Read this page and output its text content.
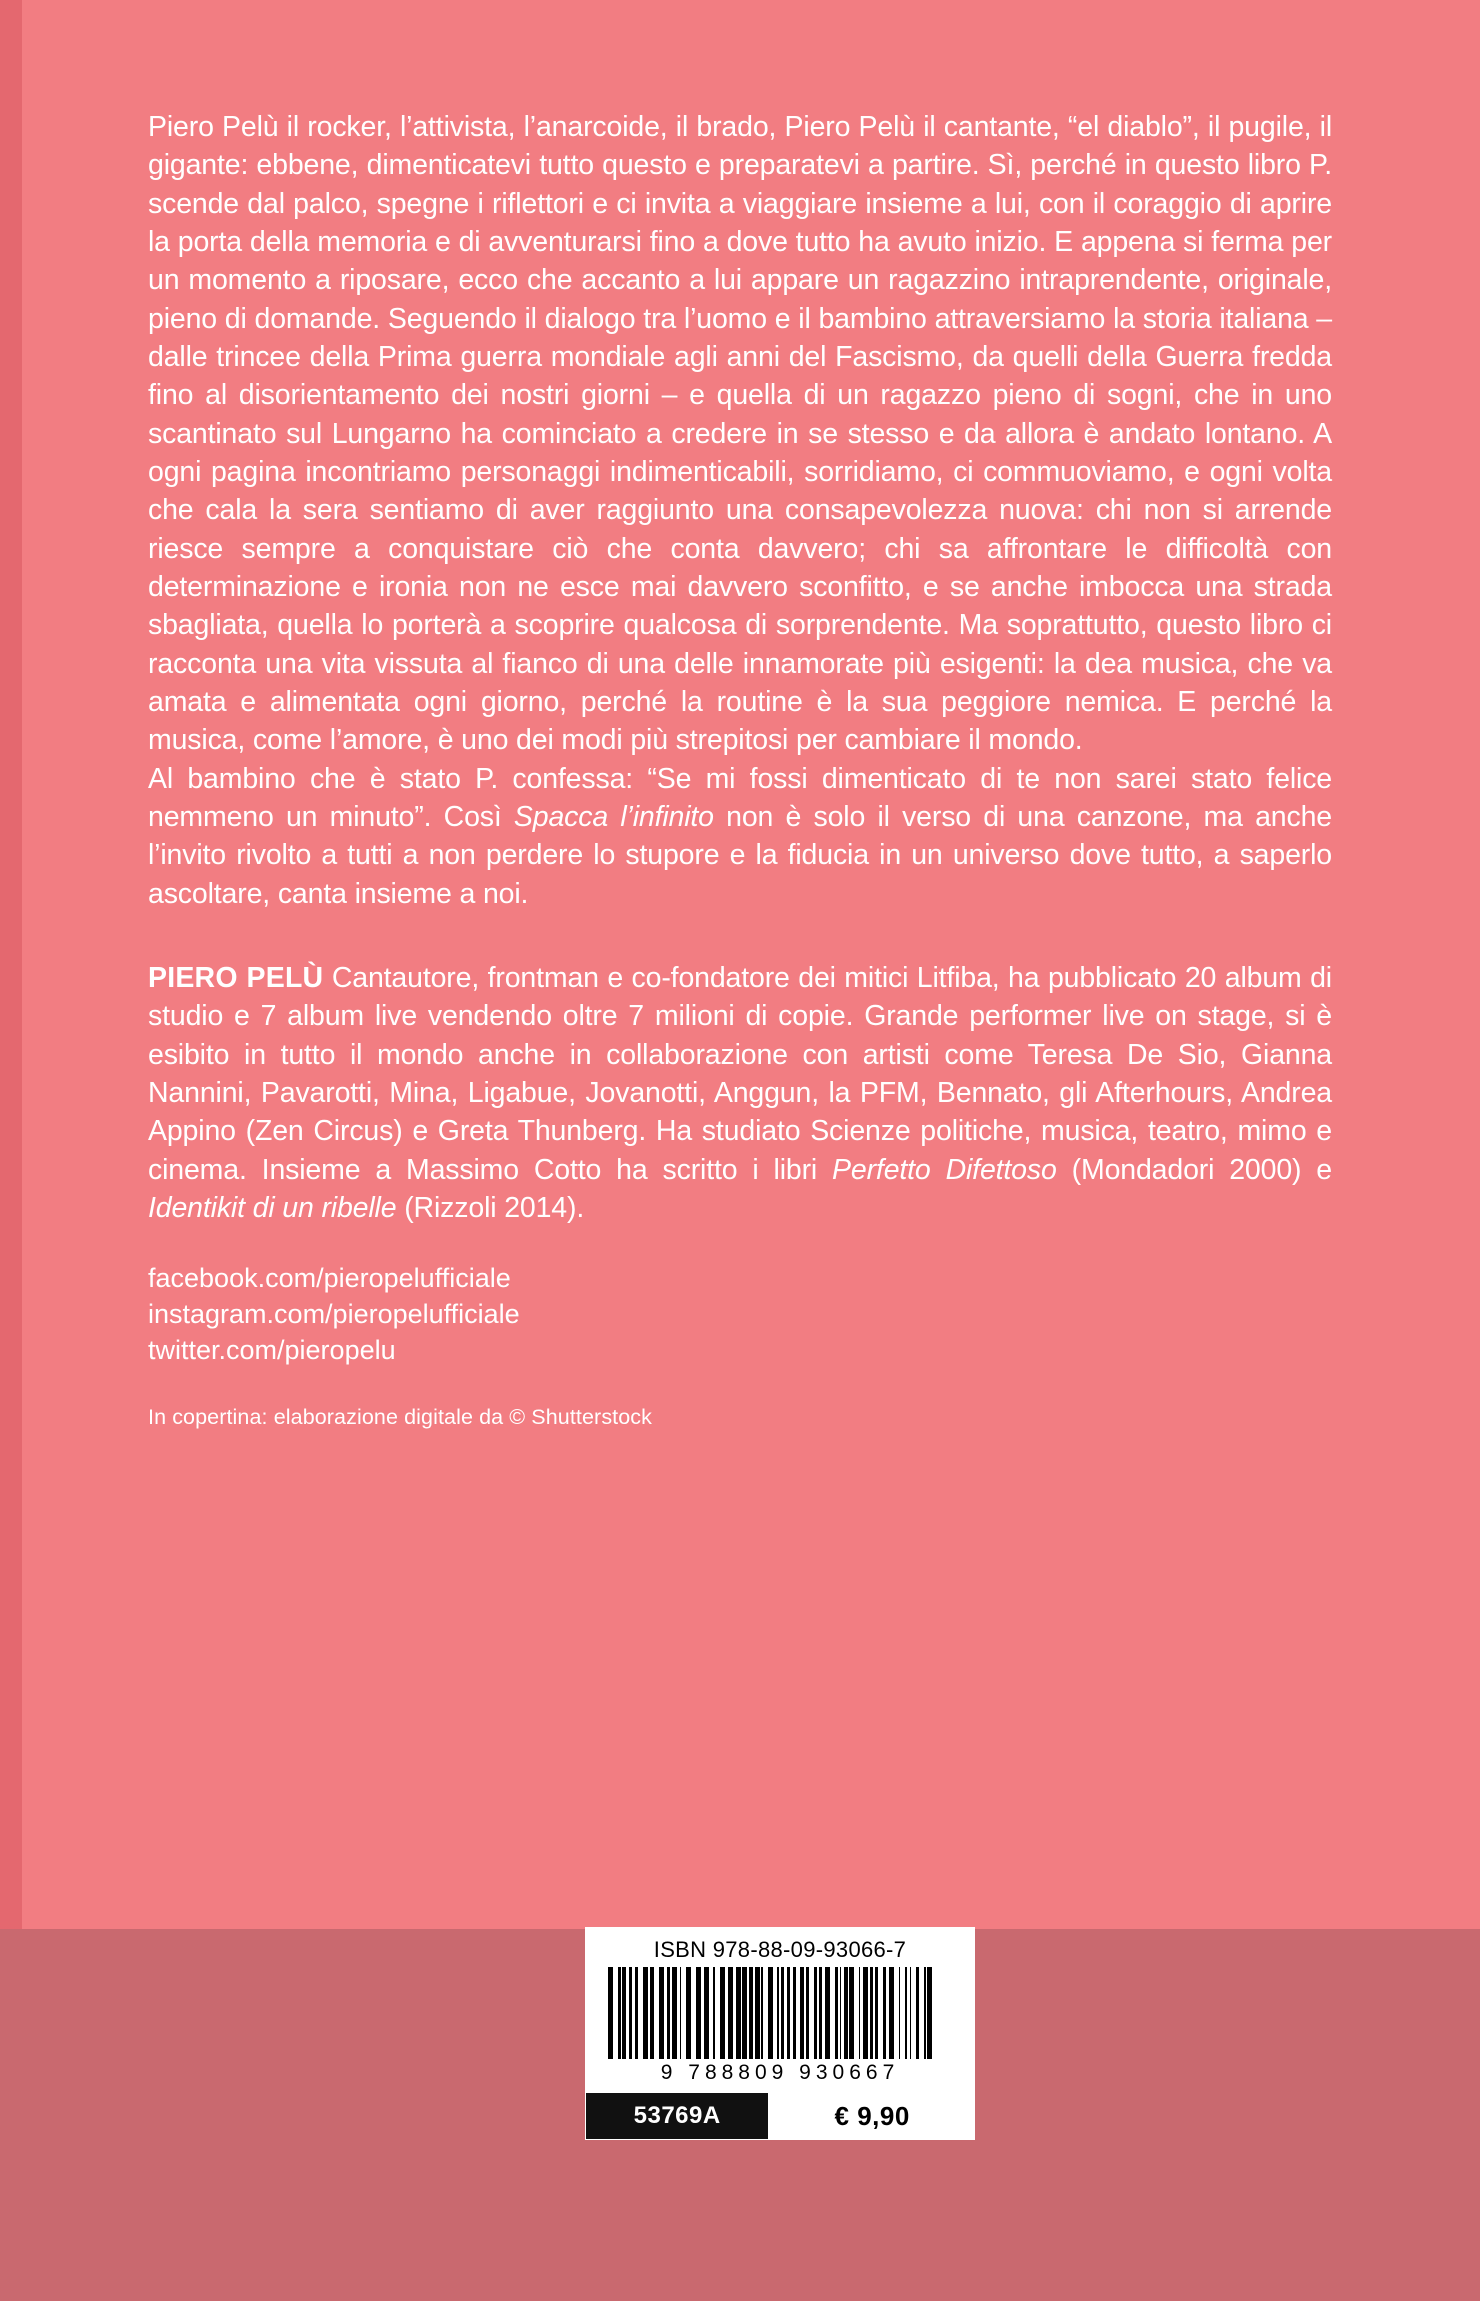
Piero Pelù il rocker, l’attivista, l’anarcoide, il brado, Piero Pelù il cantante, “el diablo”, il pugile, il gigante: ebbene, dimenticatevi tutto questo e preparatevi a partire. Sì, perché in questo libro P. scende dal palco, spegne i riflettori e ci invita a viaggiare insieme a lui, con il coraggio di aprire la porta della memoria e di avventurarsi fino a dove tutto ha avuto inizio. E appena si ferma per un momento a riposare, ecco che accanto a lui appare un ragazzino intraprendente, originale, pieno di domande. Seguendo il dialogo tra l’uomo e il bambino attraversiamo la storia italiana – dalle trincee della Prima guerra mondiale agli anni del Fascismo, da quelli della Guerra fredda fino al disorientamento dei nostri giorni – e quella di un ragazzo pieno di sogni, che in uno scantinato sul Lungarno ha cominciato a credere in se stesso e da allora è andato lontano. A ogni pagina incontriamo personaggi indimenticabili, sorridiamo, ci commuoviamo, e ogni volta che cala la sera sentiamo di aver raggiunto una consapevolezza nuova: chi non si arrende riesce sempre a conquistare ciò che conta davvero; chi sa affrontare le difficoltà con determinazione e ironia non ne esce mai davvero sconfitto, e se anche imbocca una strada sbagliata, quella lo porterà a scoprire qualcosa di sorprendente. Ma soprattutto, questo libro ci racconta una vita vissuta al fianco di una delle innamorate più esigenti: la dea musica, che va amata e alimentata ogni giorno, perché la routine è la sua peggiore nemica. E perché la musica, come l’amore, è uno dei modi più strepitosi per cambiare il mondo.

Al bambino che è stato P. confessa: “Se mi fossi dimenticato di te non sarei stato felice nemmeno un minuto”. Così Spacca l’infinito non è solo il verso di una canzone, ma anche l’invito rivolto a tutti a non perdere lo stupore e la fiducia in un universo dove tutto, a saperlo ascoltare, canta insieme a noi.

PIERO PELÙ Cantautore, frontman e co-fondatore dei mitici Litfiba, ha pubblicato 20 album di studio e 7 album live vendendo oltre 7 milioni di copie. Grande performer live on stage, si è esibito in tutto il mondo anche in collaborazione con artisti come Teresa De Sio, Gianna Nannini, Pavarotti, Mina, Ligabue, Jovanotti, Anggun, la PFM, Bennato, gli Afterhours, Andrea Appino (Zen Circus) e Greta Thunberg. Ha studiato Scienze politiche, musica, teatro, mimo e cinema. Insieme a Massimo Cotto ha scritto i libri Perfetto Difettoso (Mondadori 2000) e Identikit di un ribelle (Rizzoli 2014).
facebook.com/pieropelufficiale
instagram.com/pieropelufficiale
twitter.com/pieropelu
In copertina: elaborazione digitale da © Shutterstock
ISBN 978-88-09-93066-7
9 788809 930667
53769A	€ 9,90
